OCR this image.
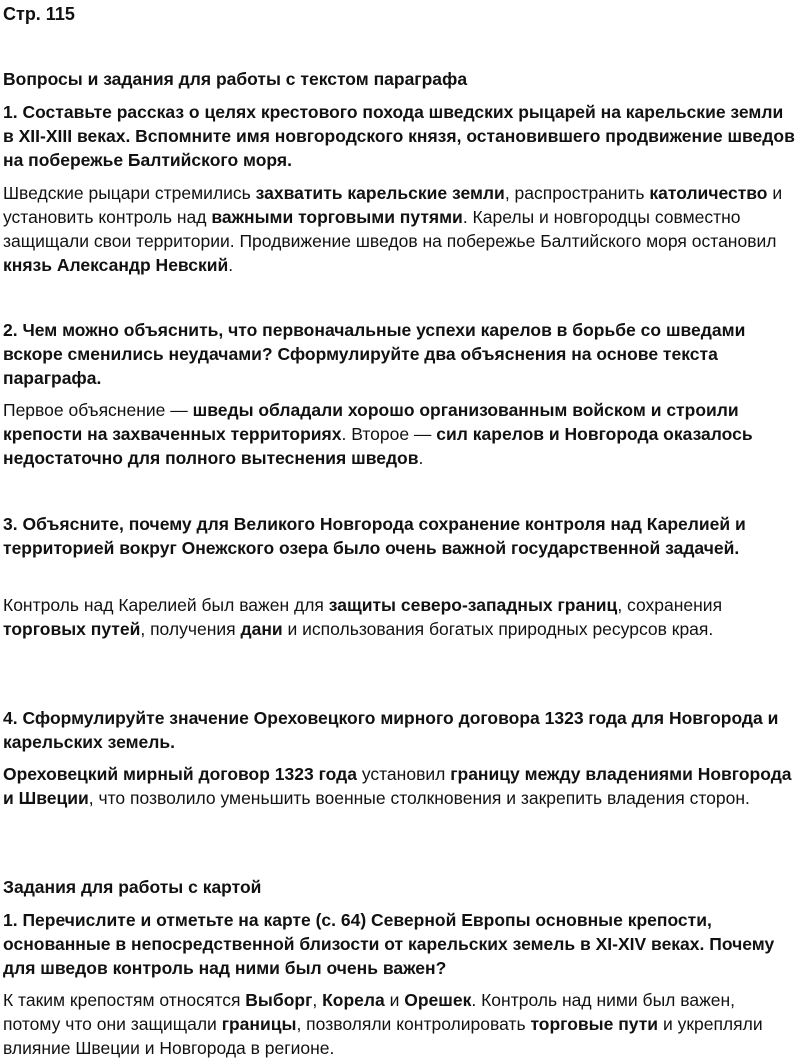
Стр. 115
Вопросы и задания для работы с текстом параграфа
1. Составьте рассказ о целях крестового похода шведских рыцарей на карельские земли в XII-XIII веках. Вспомните имя новгородского князя, остановившего продвижение шведов на побережье Балтийского моря.
Шведские рыцари стремились захватить карельские земли, распространить католичество и установить контроль над важными торговыми путями. Карелы и новгородцы совместно защищали свои территории. Продвижение шведов на побережье Балтийского моря остановил князь Александр Невский.
2. Чем можно объяснить, что первоначальные успехи карелов в борьбе со шведами вскоре сменились неудачами? Сформулируйте два объяснения на основе текста параграфа.
Первое объяснение — шведы обладали хорошо организованным войском и строили крепости на захваченных территориях. Второе — сил карелов и Новгорода оказалось недостаточно для полного вытеснения шведов.
3. Объясните, почему для Великого Новгорода сохранение контроля над Карелией и территорией вокруг Онежского озера было очень важной государственной задачей.
Контроль над Карелией был важен для защиты северо-западных границ, сохранения торговых путей, получения дани и использования богатых природных ресурсов края.
4. Сформулируйте значение Ореховецкого мирного договора 1323 года для Новгорода и карельских земель.
Ореховецкий мирный договор 1323 года установил границу между владениями Новгорода и Швеции, что позволило уменьшить военные столкновения и закрепить владения сторон.
Задания для работы с картой
1. Перечислите и отметьте на карте (с. 64) Северной Европы основные крепости, основанные в непосредственной близости от карельских земель в XI-XIV веках. Почему для шведов контроль над ними был очень важен?
К таким крепостям относятся Выборг, Корела и Орешек. Контроль над ними был важен, потому что они защищали границы, позволяли контролировать торговые пути и укрепляли влияние Швеции и Новгорода в регионе.
